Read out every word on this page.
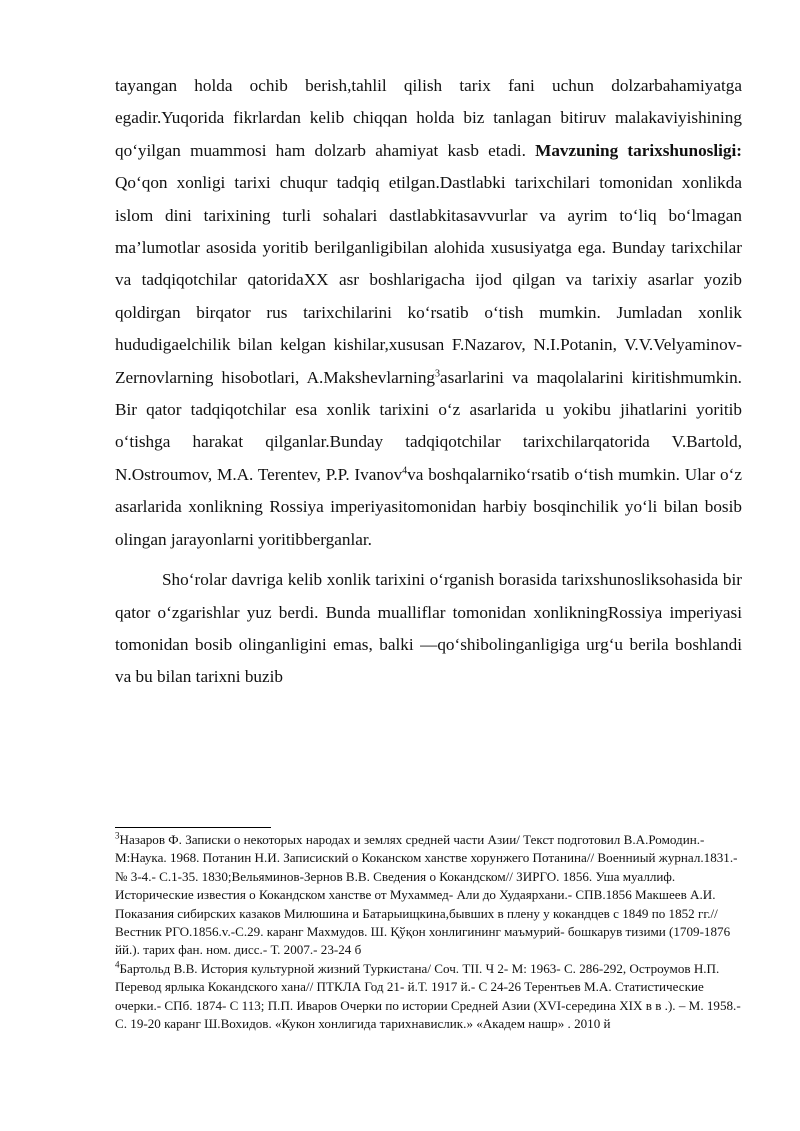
tayangan holda ochib berish,tahlil qilish tarix fani uchun dolzarbahamiyatga egadir.Yuqorida fikrlardan kelib chiqqan holda biz tanlagan bitiruv malakaviyishining qo‘yilgan muammosi ham dolzarb ahamiyat kasb etadi. Mavzuning tarixshunosligi: Qo‘qon xonligi tarixi chuqur tadqiq etilgan.Dastlabki tarixchilari tomonidan xonlikda islom dini tarixining turli sohalari dastlabkitasavvurlar va ayrim to‘liq bo‘lmagan ma’lumotlar asosida yoritib berilganligibilan alohida xususiyatga ega. Bunday tarixchilar va tadqiqotchilar qatoridaXX asr boshlarigacha ijod qilgan va tarixiy asarlar yozib qoldirgan birqator rus tarixchilarini ko‘rsatib o‘tish mumkin. Jumladan xonlik hududigaelchilik bilan kelgan kishilar,xususan F.Nazarov, N.I.Potanin, V.V.Velyaminov-Zernovlarning hisobotlari, A.Makshevlarning$^3$asarlarini va maqolalarini kiritishmumkin. Bir qator tadqiqotchilar esa xonlik tarixini o‘z asarlarida u yokibu jihatlarini yoritib o‘tishga harakat qilganlar.Bunday tadqiqotchilar tarixchilarqatorida V.Bartold, N.Ostroumov, M.A. Terentev, P.P. Ivanov$^4$va boshqalarniko‘rsatib o‘tish mumkin. Ular o‘z asarlarida xonlikning Rossiya imperiyasitomonidan harbiy bosqinchilik yo‘li bilan bosib olingan jarayonlarni yoritibberganlar.

Sho‘rolar davriga kelib xonlik tarixini o‘rganish borasida tarixshunosliksohasida bir qator o‘zgarishlar yuz berdi. Bunda mualliflar tomonidan xonlikningRossiya imperiyasi tomonidan bosib olinganligini emas, balki ―qo‘shibolinganligiga urg‘u berila boshlandi va bu bilan tarixni buzib

$^3$Назаров Ф. Записки о некоторых народах и землях средней части Азии/ Текст подготовил В.А.Ромодин.- М:Наука. 1968. Потанин Н.И. Записиский о Коканском ханстве хорунжего Потанина// Военниый журнал.1831.-№ 3-4.- С.1-35. 1830;Вельяминов-Зернов В.В. Сведения о Кокандском// ЗИРГО. 1856. Уша муаллиф. Исторические известия о Кокандском ханстве от Мухаммед- Али до Худаярхани.- СПВ.1856 Макшеев А.И. Показания сибирских казаков Милюшина и Батарыищкина,бывших в плену у кокандцев с 1849 по 1852 гг.//Вестник РГО.1856.v.-С.29. каранг Махмудов. Ш. Қўқон хонлигининг маъмурий- бошкарув тизими (1709-1876 йй.). тарих фан. ном. дисс.- Т. 2007.- 23-24 б

$^4$Бартольд В.В. История культурной жизний Туркистана/ Соч. ТII. Ч 2- М: 1963- С. 286-292, Остроумов Н.П. Перевод ярлыка Кокандского хана// ПТКЛА Год 21- й.Т. 1917 й.- С 24-26 Терентьев М.А. Статистические очерки.- СПб. 1874- С 113; П.П. Иваров Очерки по истории Средней Азии (XVI-середина XIX в в .). – М. 1958.- С. 19-20 каранг Ш.Вохидов. «Кукон хонлигида тарихнавислик.» «Академ нашр» . 2010 й
